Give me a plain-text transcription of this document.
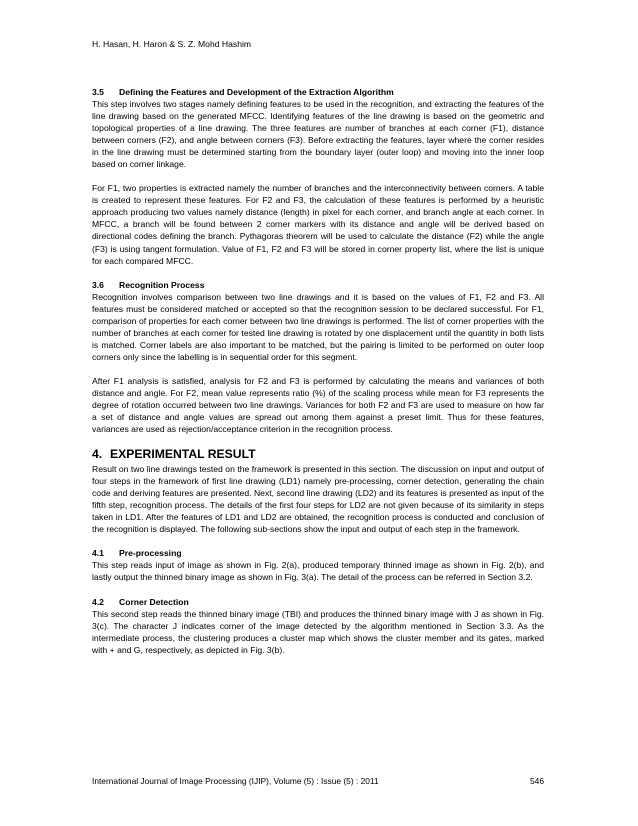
H. Hasan, H. Haron & S. Z. Mohd Hashim
3.5 Defining the Features and Development of the Extraction Algorithm

This step involves two stages namely defining features to be used in the recognition, and extracting the features of the line drawing based on the generated MFCC. Identifying features of the line drawing is based on the geometric and topological properties of a line drawing. The three features are number of branches at each corner (F1), distance between corners (F2), and angle between corners (F3). Before extracting the features, layer where the corner resides in the line drawing must be determined starting from the boundary layer (outer loop) and moving into the inner loop based on corner linkage.

For F1, two properties is extracted namely the number of branches and the interconnectivity between corners. A table is created to represent these features. For F2 and F3, the calculation of these features is performed by a heuristic approach producing two values namely distance (length) in pixel for each corner, and branch angle at each corner. In MFCC, a branch will be found between 2 corner markers with its distance and angle will be derived based on directional codes defining the branch. Pythagoras theorem will be used to calculate the distance (F2) while the angle (F3) is using tangent formulation. Value of F1, F2 and F3 will be stored in corner property list, where the list is unique for each compared MFCC.

3.6 Recognition Process

Recognition involves comparison between two line drawings and it is based on the values of F1, F2 and F3. All features must be considered matched or accepted so that the recognition session to be declared successful. For F1, comparison of properties for each corner between two line drawings is performed. The list of corner properties with the number of branches at each corner for tested line drawing is rotated by one displacement until the quantity in both lists is matched. Corner labels are also important to be matched, but the pairing is limited to be performed on outer loop corners only since the labelling is in sequential order for this segment.

After F1 analysis is satisfied, analysis for F2 and F3 is performed by calculating the means and variances of both distance and angle. For F2, mean value represents ratio (%) of the scaling process while mean for F3 represents the degree of rotation occurred between two line drawings. Variances for both F2 and F3 are used to measure on how far a set of distance and angle values are spread out among them against a preset limit. Thus for these features, variances are used as rejection/acceptance criterion in the recognition process.

4. EXPERIMENTAL RESULT

Result on two line drawings tested on the framework is presented in this section. The discussion on input and output of four steps in the framework of first line drawing (LD1) namely pre-processing, corner detection, generating the chain code and deriving features are presented. Next, second line drawing (LD2) and its features is presented as input of the fifth step, recognition process. The details of the first four steps for LD2 are not given because of its similarity in steps taken in LD1. After the features of LD1 and LD2 are obtained, the recognition process is conducted and conclusion of the recognition is displayed. The following sub-sections show the input and output of each step in the framework.

4.1 Pre-processing

This step reads input of image as shown in Fig. 2(a), produced temporary thinned image as shown in Fig. 2(b), and lastly output the thinned binary image as shown in Fig. 3(a). The detail of the process can be referred in Section 3.2.

4.2 Corner Detection

This second step reads the thinned binary image (TBI) and produces the thinned binary image with J as shown in Fig. 3(c). The character J indicates corner of the image detected by the algorithm mentioned in Section 3.3. As the intermediate process, the clustering produces a cluster map which shows the cluster member and its gates, marked with + and G, respectively, as depicted in Fig. 3(b).

International Journal of Image Processing (IJIP), Volume (5) : Issue (5) : 2011	546
